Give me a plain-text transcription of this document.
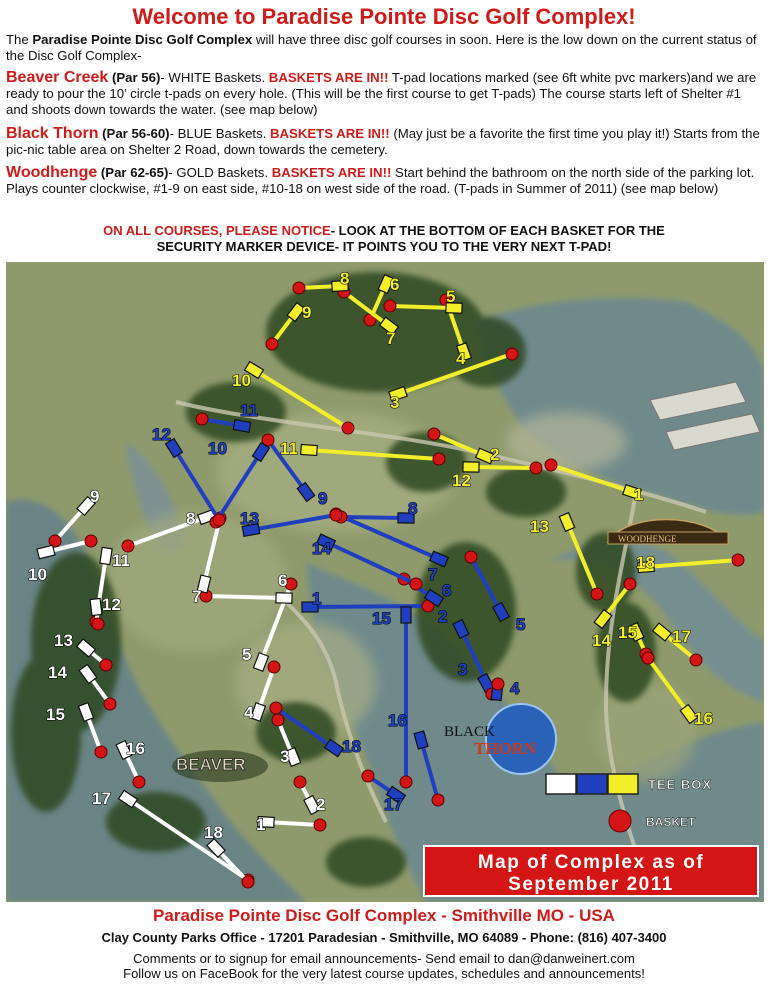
Welcome to Paradise Pointe Disc Golf Complex!
The Paradise Pointe Disc Golf Complex will have three disc golf courses in soon. Here is the low down on the current status of the Disc Golf Complex-
Beaver Creek (Par 56)- WHITE Baskets. BASKETS ARE IN!! T-pad locations marked (see 6ft white pvc markers)and we are ready to pour the 10’ circle t-pads on every hole. (This will be the first course to get T-pads) The course starts left of Shelter #1 and shoots down towards the water. (see map below)
Black Thorn (Par 56-60)- BLUE Baskets. BASKETS ARE IN!! (May just be a favorite the first time you play it!) Starts from the pic-nic table area on Shelter 2 Road, down towards the cemetery.
Woodhenge (Par 62-65)- GOLD Baskets. BASKETS ARE IN!! Start behind the bathroom on the north side of the parking lot. Plays counter clockwise, #1-9 on east side, #10-18 on west side of the road. (T-pads in Summer of 2011) (see map below)
ON ALL COURSES, PLEASE NOTICE- LOOK AT THE BOTTOM OF EACH BASKET FOR THE
SECURITY MARKER DEVICE- IT POINTS YOU TO THE VERY NEXT T-PAD!
1
2
3
4
5
6
7
8
9
10
11
12
13
14
15
16
17
18
1
2
3
4
5
6
7
8
9
10
11
12
13
14
15
16
17
18
1
2
3
4
5
6
7
8
9
10
11
12
13
14 15
16
17
18
BEAVER
BLACK
THORN
WOODHENGE
TEE BOX
BASKET
Map of Complex as of
September 2011
Paradise Pointe Disc Golf Complex - Smithville MO - USA
Clay County Parks Office - 17201 Paradesian - Smithville, MO 64089 - Phone: (816) 407-3400
Comments or to signup for email announcements- Send email to dan@danweinert.com
Follow us on FaceBook for the very latest course updates, schedules and announcements!
